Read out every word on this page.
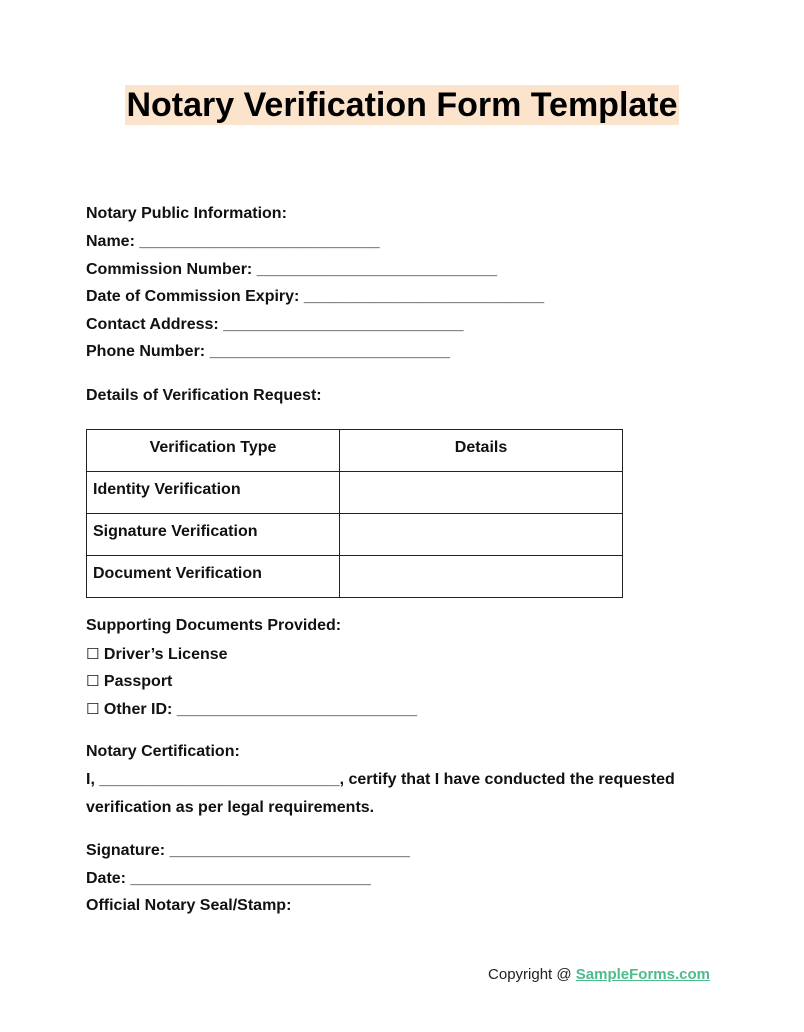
Notary Verification Form Template
Notary Public Information:
Name: ___________________________
Commission Number: ___________________________
Date of Commission Expiry: ___________________________
Contact Address: ___________________________
Phone Number: ___________________________
Details of Verification Request:
Verification Type	Details
Identity Verification	
Signature Verification	
Document Verification	
Supporting Documents Provided:
☐ Driver’s License
☐ Passport
☐ Other ID: ___________________________
Notary Certification:
I, ___________________________, certify that I have conducted the requested
verification as per legal requirements.
Signature: ___________________________
Date: ___________________________
Official Notary Seal/Stamp:
Copyright @ SampleForms.com
